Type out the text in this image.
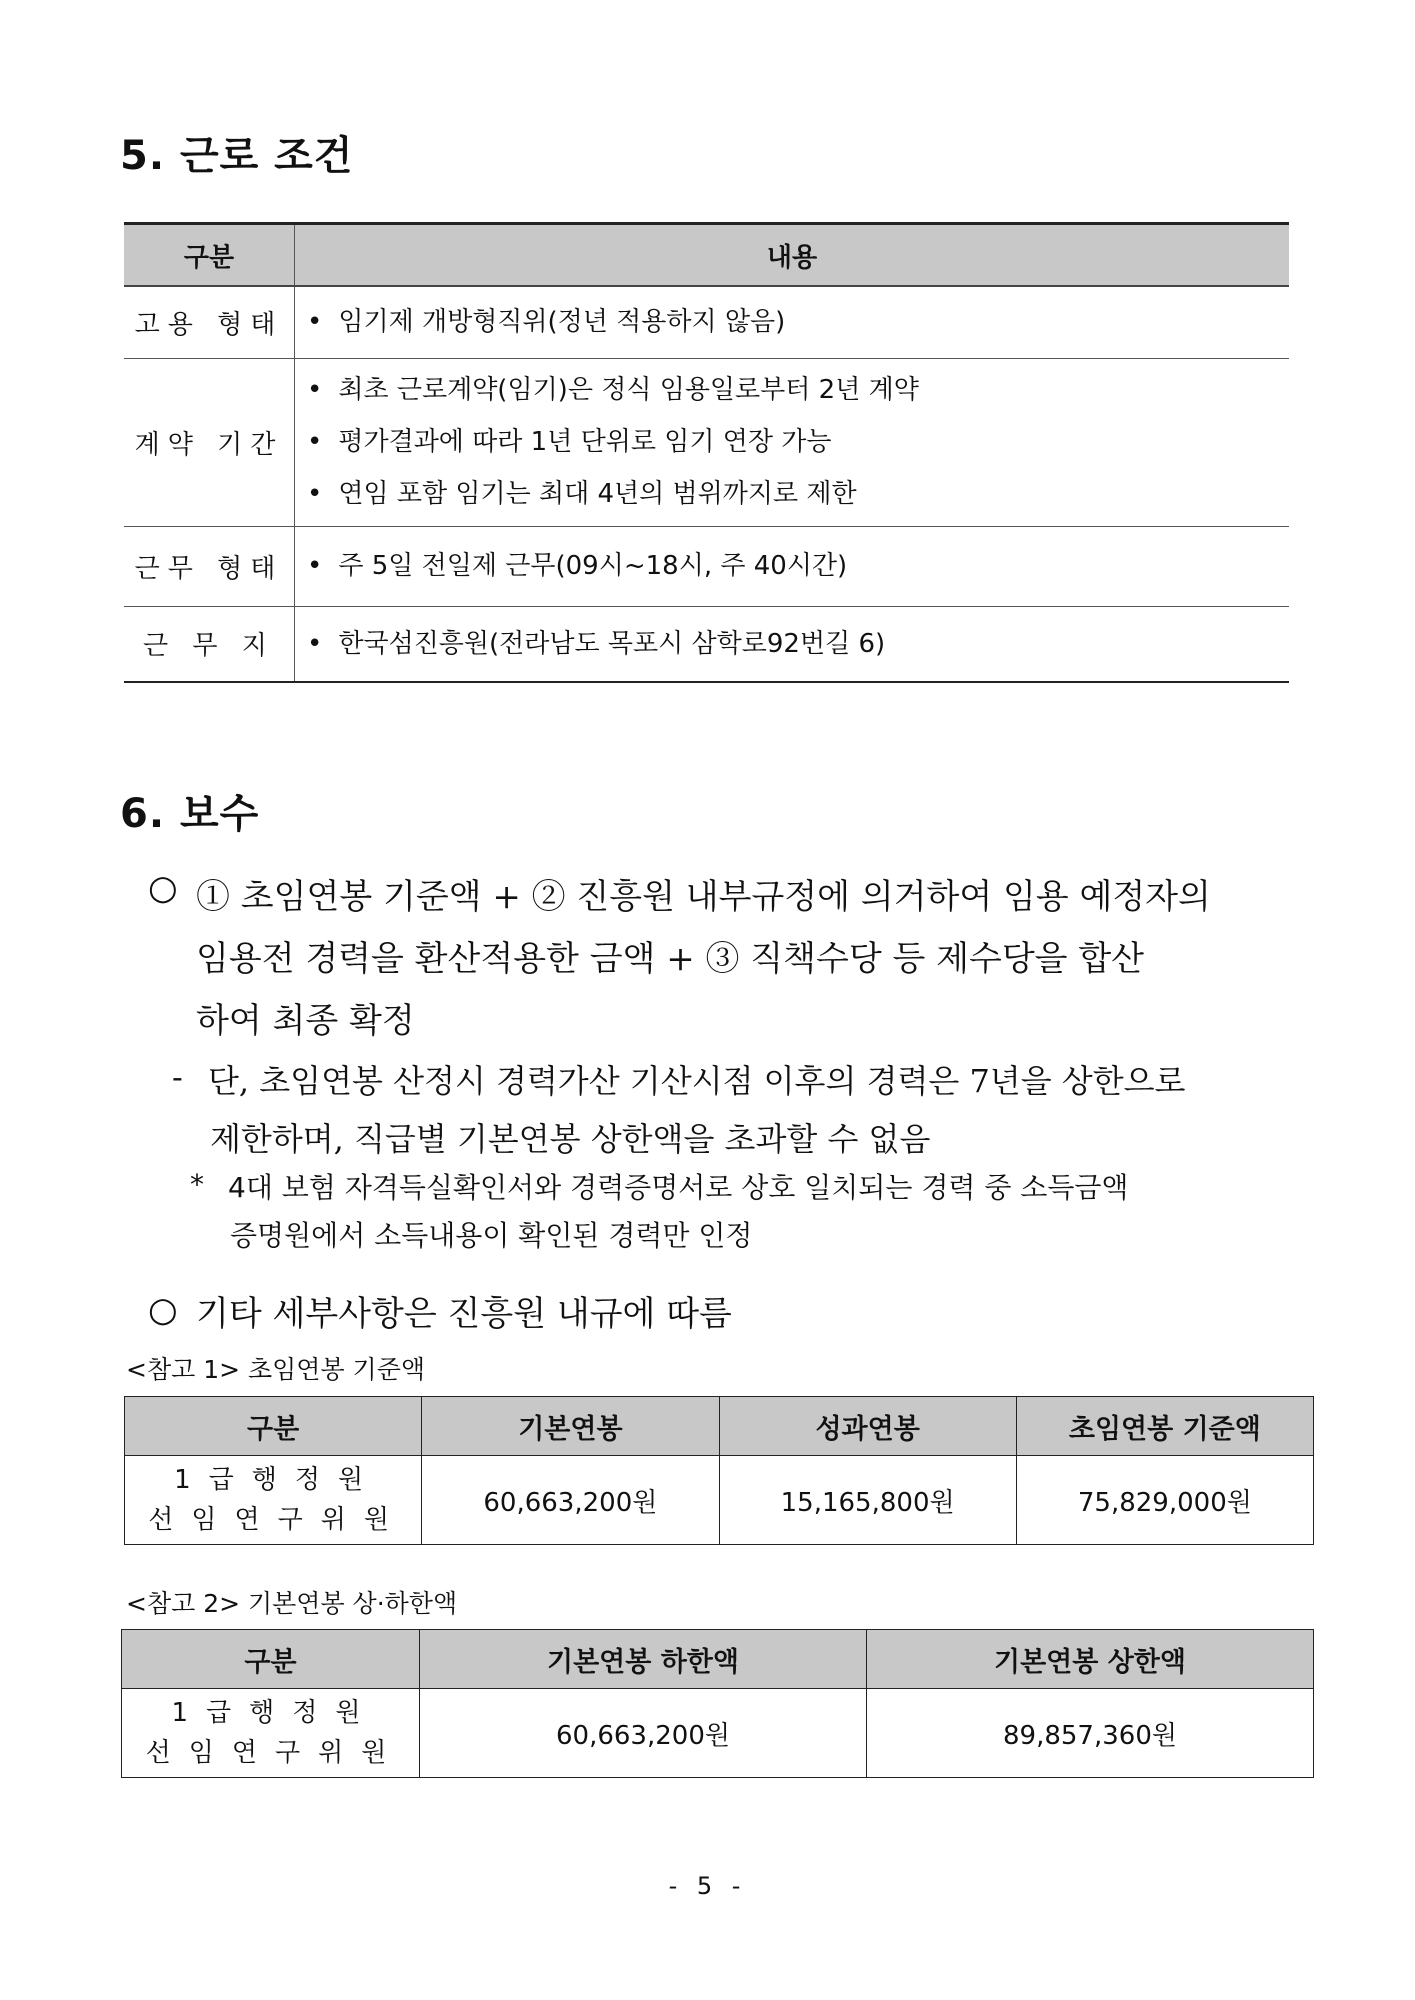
5. 근로 조건
구분	내용
고용 형태	• 임기제 개방형직위(정년 적용하지 않음)

계약 기간	• 최초 근로계약(임기)은 정식 임용일로부터 2년 계약
• 평가결과에 따라 1년 단위로 임기 연장 가능
• 연임 포함 임기는 최대 4년의 범위까지로 제한

근무 형태	• 주 5일 전일제 근무(09시~18시, 주 40시간)

근 무 지	• 한국섬진흥원(전라남도 목포시 삼학로92번길 6)
6. 보수
○ ① 초임연봉 기준액 + ② 진흥원 내부규정에 의거하여 임용 예정자의
임용전 경력을 환산적용한 금액 + ③ 직책수당 등 제수당을 합산
하여 최종 확정
- 단, 초임연봉 산정시 경력가산 기산시점 이후의 경력은 7년을 상한으로
제한하며, 직급별 기본연봉 상한액을 초과할 수 없음
* 4대 보험 자격득실확인서와 경력증명서로 상호 일치되는 경력 중 소득금액
증명원에서 소득내용이 확인된 경력만 인정
○ 기타 세부사항은 진흥원 내규에 따름
<참고 1> 초임연봉 기준액
구분	기본연봉	성과연봉	초임연봉 기준액

1급행정원
선임연구위원	60,663,200원	15,165,800원	75,829,000원
<참고 2> 기본연봉 상·하한액
구분	기본연봉 하한액	기본연봉 상한액

1급행정원
선임연구위원	60,663,200원	89,857,360원
- 5 -
